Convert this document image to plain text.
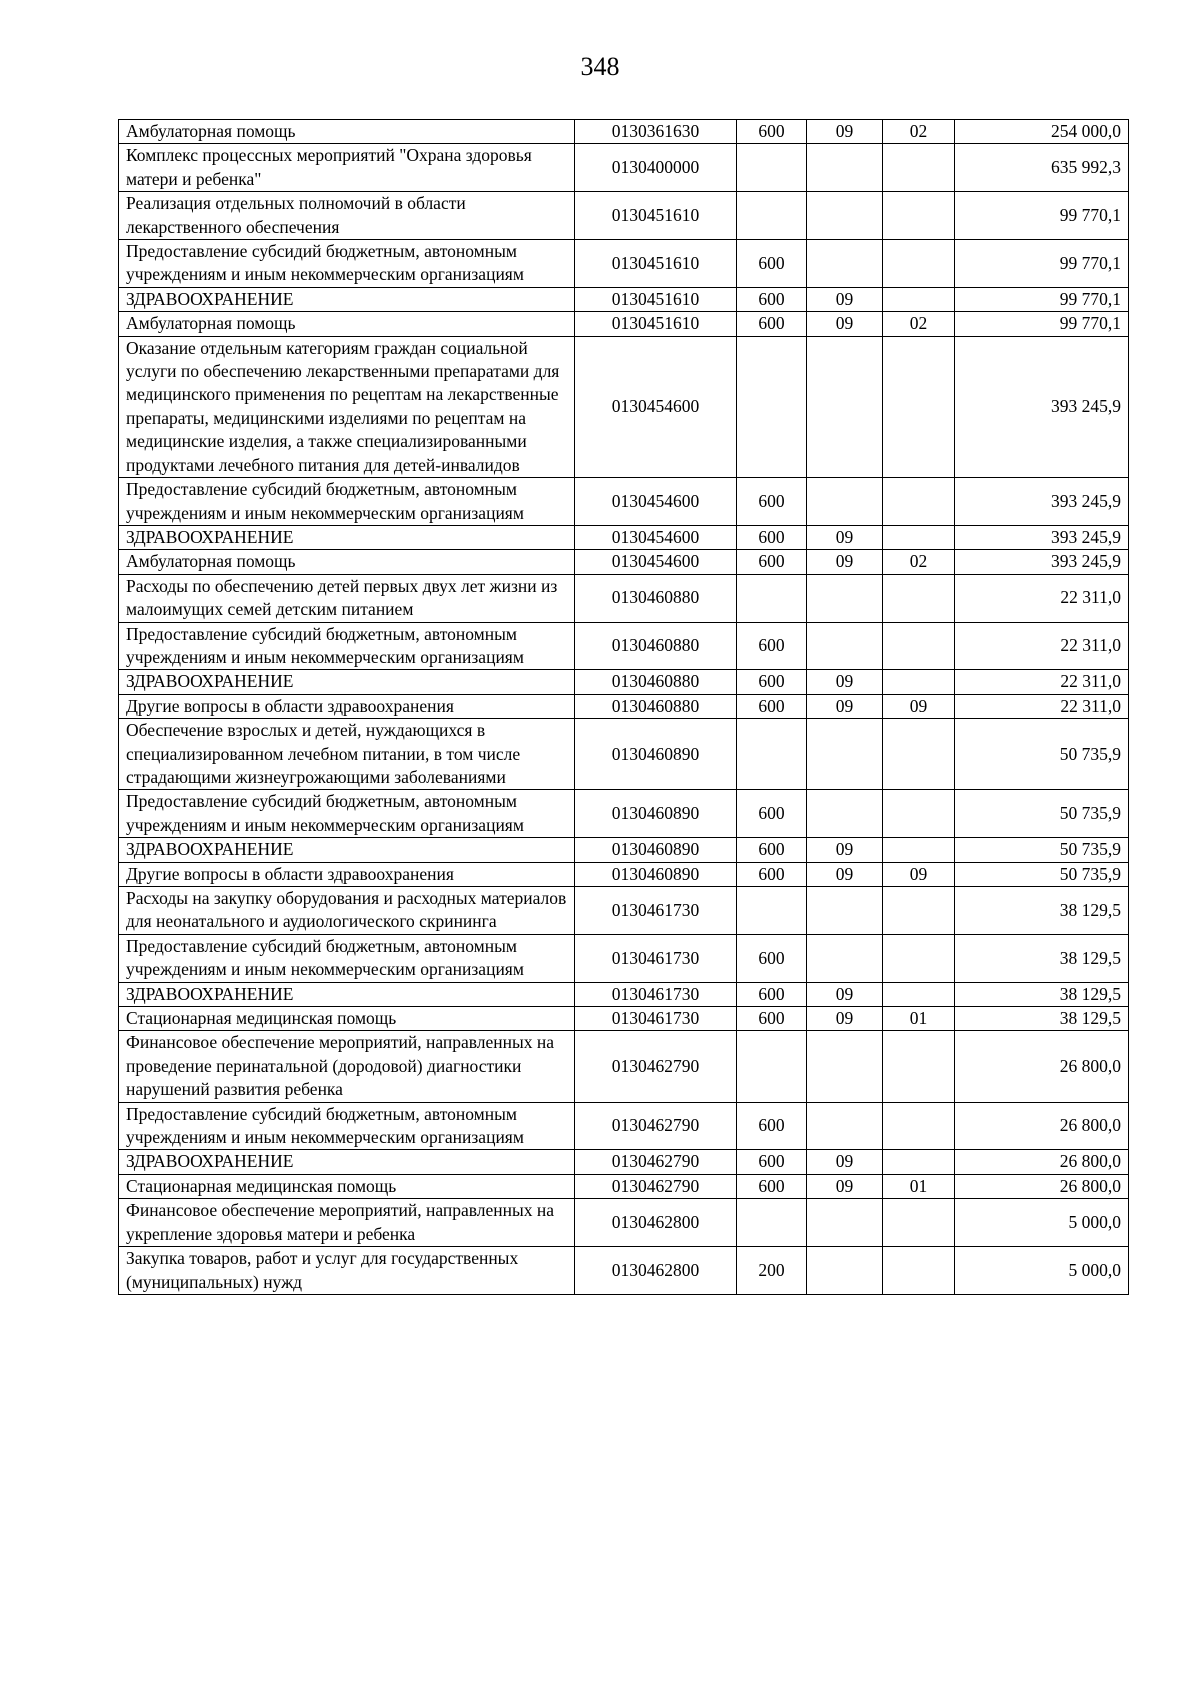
348
Амбулаторная помощь	0130361630	600	09	02	254 000,0
Комплекс процессных мероприятий "Охрана здоровья матери и ребенка"	0130400000				635 992,3
Реализация отдельных полномочий в области лекарственного обеспечения	0130451610				99 770,1
Предоставление субсидий бюджетным, автономным учреждениям и иным некоммерческим организациям	0130451610	600			99 770,1
ЗДРАВООХРАНЕНИЕ	0130451610	600	09		99 770,1
Амбулаторная помощь	0130451610	600	09	02	99 770,1
Оказание отдельным категориям граждан социальной услуги по обеспечению лекарственными препаратами для медицинского применения по рецептам на лекарственные препараты, медицинскими изделиями по рецептам на медицинские изделия, а также специализированными продуктами лечебного питания для детей-инвалидов	0130454600				393 245,9
Предоставление субсидий бюджетным, автономным учреждениям и иным некоммерческим организациям	0130454600	600			393 245,9
ЗДРАВООХРАНЕНИЕ	0130454600	600	09		393 245,9
Амбулаторная помощь	0130454600	600	09	02	393 245,9
Расходы по обеспечению детей первых двух лет жизни из малоимущих семей детским питанием	0130460880				22 311,0
Предоставление субсидий бюджетным, автономным учреждениям и иным некоммерческим организациям	0130460880	600			22 311,0
ЗДРАВООХРАНЕНИЕ	0130460880	600	09		22 311,0
Другие вопросы в области здравоохранения	0130460880	600	09	09	22 311,0
Обеспечение взрослых и детей, нуждающихся в специализированном лечебном питании, в том числе страдающими жизнеугрожающими заболеваниями	0130460890				50 735,9
Предоставление субсидий бюджетным, автономным учреждениям и иным некоммерческим организациям	0130460890	600			50 735,9
ЗДРАВООХРАНЕНИЕ	0130460890	600	09		50 735,9
Другие вопросы в области здравоохранения	0130460890	600	09	09	50 735,9
Расходы на закупку оборудования и расходных материалов для неонатального и аудиологического скрининга	0130461730				38 129,5
Предоставление субсидий бюджетным, автономным учреждениям и иным некоммерческим организациям	0130461730	600			38 129,5
ЗДРАВООХРАНЕНИЕ	0130461730	600	09		38 129,5
Стационарная медицинская помощь	0130461730	600	09	01	38 129,5
Финансовое обеспечение мероприятий, направленных на проведение перинатальной (дородовой) диагностики нарушений развития ребенка	0130462790				26 800,0
Предоставление субсидий бюджетным, автономным учреждениям и иным некоммерческим организациям	0130462790	600			26 800,0
ЗДРАВООХРАНЕНИЕ	0130462790	600	09		26 800,0
Стационарная медицинская помощь	0130462790	600	09	01	26 800,0
Финансовое обеспечение мероприятий, направленных на укрепление здоровья матери и ребенка	0130462800				5 000,0
Закупка товаров, работ и услуг для государственных (муниципальных) нужд	0130462800	200			5 000,0
